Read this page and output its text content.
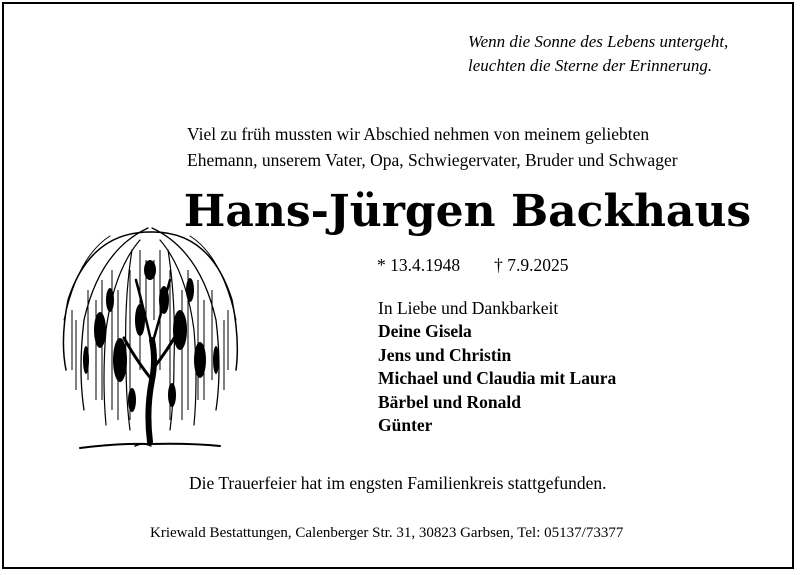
Wenn die Sonne des Lebens untergeht,
leuchten die Sterne der Erinnerung.
Viel zu früh mussten wir Abschied nehmen von meinem geliebten
Ehemann, unserem Vater, Opa, Schwiegervater, Bruder und Schwager
Hans-Jürgen Backhaus
* 13.4.1948 † 7.9.2025
In Liebe und Dankbarkeit
Deine Gisela
Jens und Christin
Michael und Claudia mit Laura
Bärbel und Ronald
Günter
Die Trauerfeier hat im engsten Familienkreis stattgefunden.
Kriewald Bestattungen, Calenberger Str. 31, 30823 Garbsen, Tel: 05137/73377
